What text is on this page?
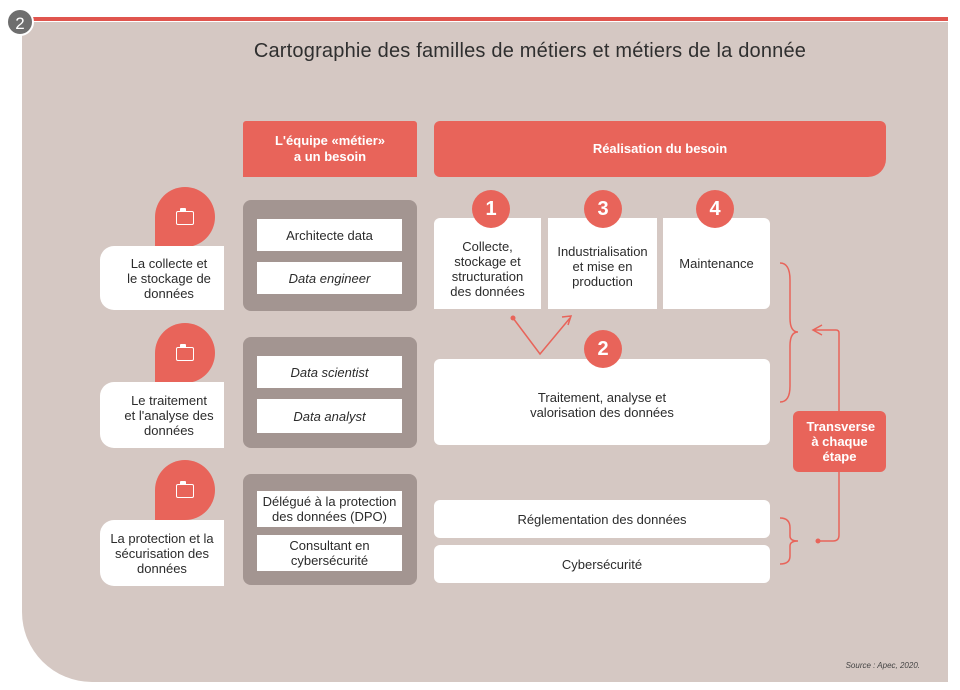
2
Cartographie des familles de métiers et métiers de la donnée
L'équipe «métier» a un besoin
Réalisation du besoin
La collecte et le stockage de données
Le traitement et l'analyse des données
La protection et la sécurisation des données
Architecte data
Data engineer
Data scientist
Data analyst
Délégué à la protection des données (DPO)
Consultant en cybersécurité
Collecte, stockage et structuration des données
Industrialisation et mise en production
Maintenance
Traitement, analyse et valorisation des données
Réglementation des données
Cybersécurité
1	3	4
2
Transverse à chaque étape
Source : Apec, 2020.
